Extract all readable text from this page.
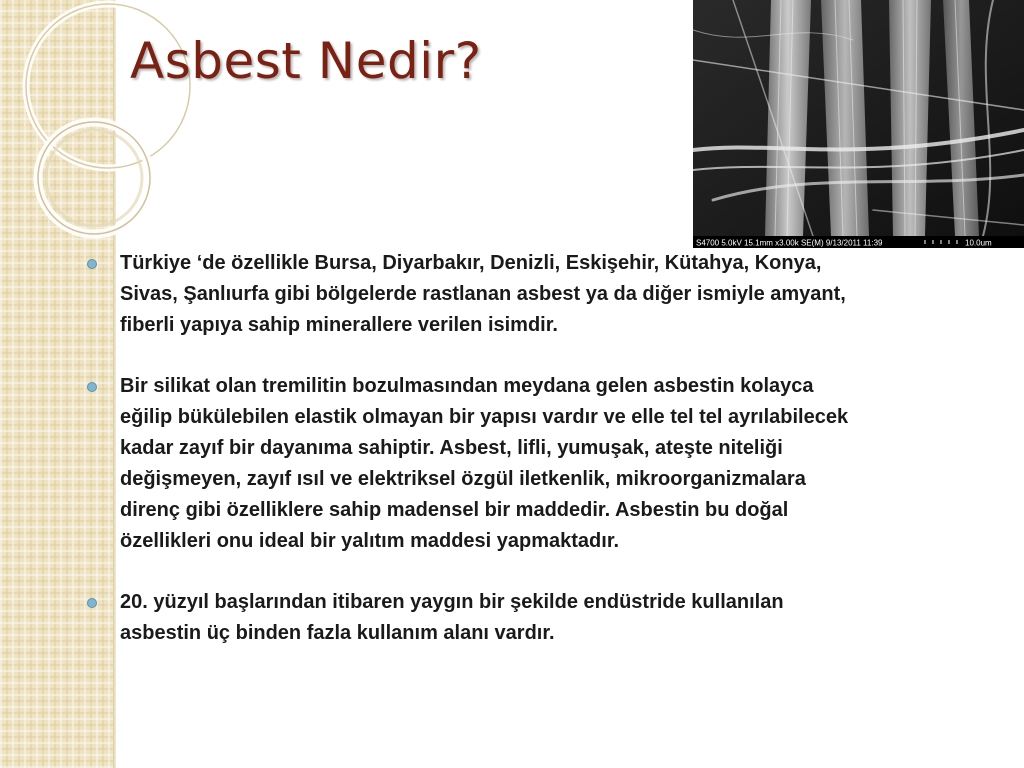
Asbest Nedir?
S4700 5.0kV 15.1mm x3.00k SE(M) 9/13/2011 11:39	10.0um
Türkiye ‘de özellikle Bursa, Diyarbakır, Denizli, Eskişehir, Kütahya, Konya, Sivas, Şanlıurfa gibi bölgelerde rastlanan asbest ya da diğer ismiyle amyant, fiberli yapıya sahip minerallere verilen isimdir.
Bir silikat olan tremilitin bozulmasından meydana gelen asbestin kolayca eğilip bükülebilen elastik olmayan bir yapısı vardır ve elle tel tel ayrılabilecek kadar zayıf bir dayanıma sahiptir. Asbest, lifli, yumuşak, ateşte niteliği değişmeyen, zayıf ısıl ve elektriksel özgül iletkenlik, mikroorganizmalara direnç gibi özelliklere sahip madensel bir maddedir. Asbestin bu doğal özellikleri onu ideal bir yalıtım maddesi yapmaktadır.
20. yüzyıl başlarından itibaren yaygın bir şekilde endüstride kullanılan asbestin üç binden fazla kullanım alanı vardır.
